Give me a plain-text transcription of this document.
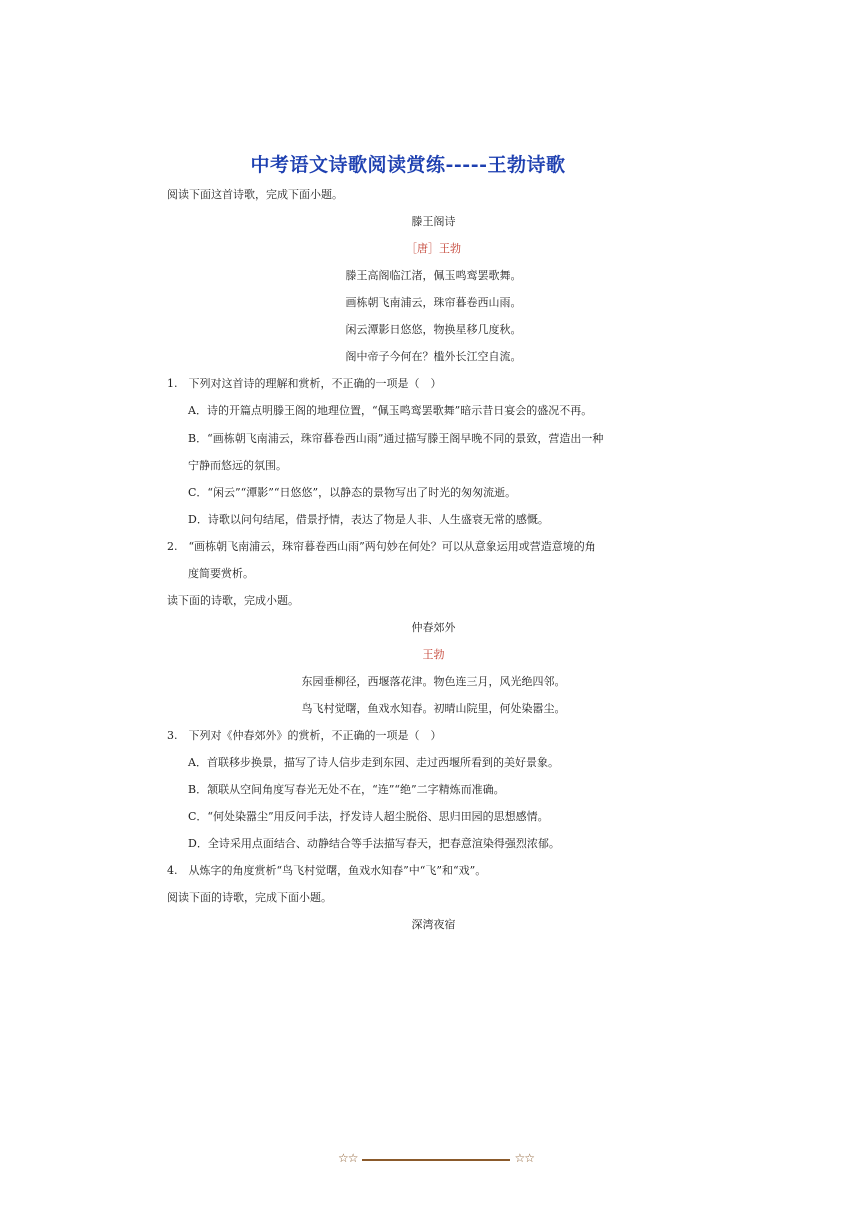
中考语文诗歌阅读赏练-----王勃诗歌
阅读下面这首诗歌，完成下面小题。
滕王阁诗
［唐］王勃
滕王高阁临江渚，佩玉鸣鸾罢歌舞。
画栋朝飞南浦云，珠帘暮卷西山雨。
闲云潭影日悠悠，物换星移几度秋。
阁中帝子今何在？槛外长江空自流。
1.　下列对这首诗的理解和赏析，不正确的一项是（　）
A．诗的开篇点明滕王阁的地理位置，“佩玉鸣鸾罢歌舞”暗示昔日宴会的盛况不再。
B．“画栋朝飞南浦云，珠帘暮卷西山雨”通过描写滕王阁早晚不同的景致，营造出一种
宁静而悠远的氛围。
C．“闲云”“潭影”“日悠悠”，以静态的景物写出了时光的匆匆流逝。
D．诗歌以问句结尾，借景抒情，表达了物是人非、人生盛衰无常的感慨。
2.　“画栋朝飞南浦云，珠帘暮卷西山雨”两句妙在何处？可以从意象运用或营造意境的角
度简要赏析。
读下面的诗歌，完成小题。
仲春郊外
王勃
东园垂柳径，西堰落花津。物色连三月，风光绝四邻。
鸟飞村觉曙，鱼戏水知春。初晴山院里，何处染嚣尘。
3.　下列对《仲春郊外》的赏析，不正确的一项是（　）
A．首联移步换景，描写了诗人信步走到东园、走过西堰所看到的美好景象。
B．颔联从空间角度写春光无处不在，“连”“绝”二字精炼而准确。
C．“何处染嚣尘”用反问手法，抒发诗人超尘脱俗、思归田园的思想感情。
D．全诗采用点面结合、动静结合等手法描写春天，把春意渲染得强烈浓郁。
4.　从炼字的角度赏析“鸟飞村觉曙，鱼戏水知春”中“飞”和“戏”。
阅读下面的诗歌，完成下面小题。
深湾夜宿
☆☆	☆☆
